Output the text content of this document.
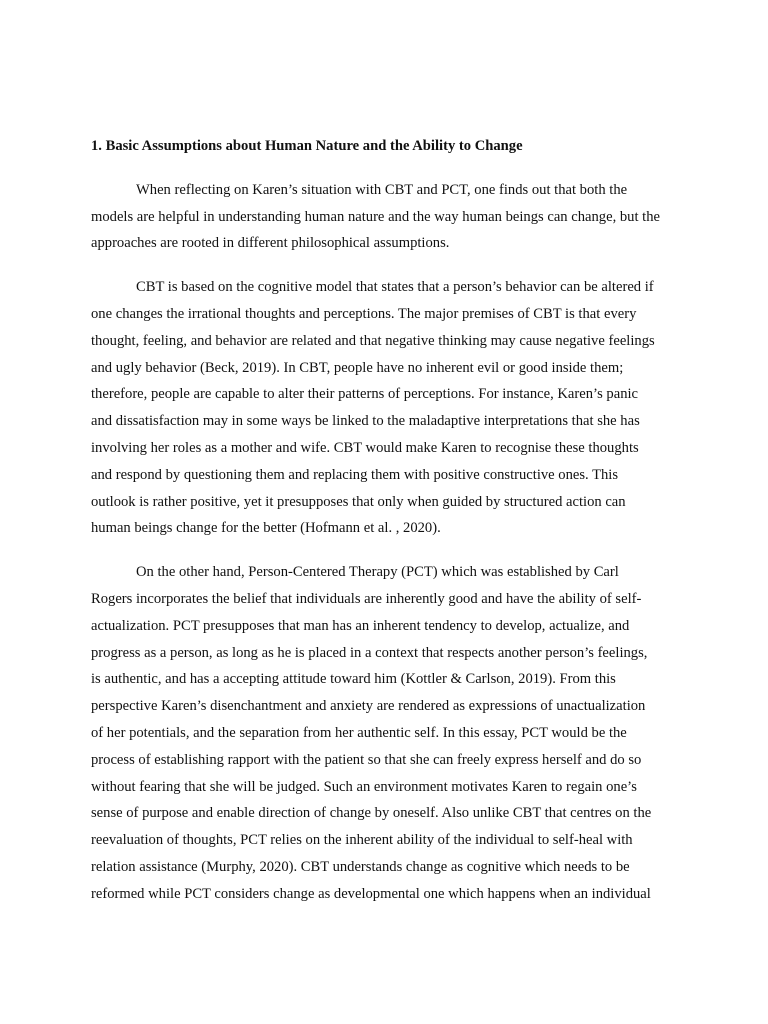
1. Basic Assumptions about Human Nature and the Ability to Change
When reflecting on Karen’s situation with CBT and PCT, one finds out that both the
models are helpful in understanding human nature and the way human beings can change, but the
approaches are rooted in different philosophical assumptions.
CBT is based on the cognitive model that states that a person’s behavior can be altered if
one changes the irrational thoughts and perceptions. The major premises of CBT is that every
thought, feeling, and behavior are related and that negative thinking may cause negative feelings
and ugly behavior (Beck, 2019). In CBT, people have no inherent evil or good inside them;
therefore, people are capable to alter their patterns of perceptions. For instance, Karen’s panic
and dissatisfaction may in some ways be linked to the maladaptive interpretations that she has
involving her roles as a mother and wife. CBT would make Karen to recognise these thoughts
and respond by questioning them and replacing them with positive constructive ones. This
outlook is rather positive, yet it presupposes that only when guided by structured action can
human beings change for the better (Hofmann et al. , 2020).
On the other hand, Person-Centered Therapy (PCT) which was established by Carl
Rogers incorporates the belief that individuals are inherently good and have the ability of self-
actualization. PCT presupposes that man has an inherent tendency to develop, actualize, and
progress as a person, as long as he is placed in a context that respects another person’s feelings,
is authentic, and has a accepting attitude toward him (Kottler & Carlson, 2019). From this
perspective Karen’s disenchantment and anxiety are rendered as expressions of unactualization
of her potentials, and the separation from her authentic self. In this essay, PCT would be the
process of establishing rapport with the patient so that she can freely express herself and do so
without fearing that she will be judged. Such an environment motivates Karen to regain one’s
sense of purpose and enable direction of change by oneself. Also unlike CBT that centres on the
reevaluation of thoughts, PCT relies on the inherent ability of the individual to self-heal with
relation assistance (Murphy, 2020). CBT understands change as cognitive which needs to be
reformed while PCT considers change as developmental one which happens when an individual
